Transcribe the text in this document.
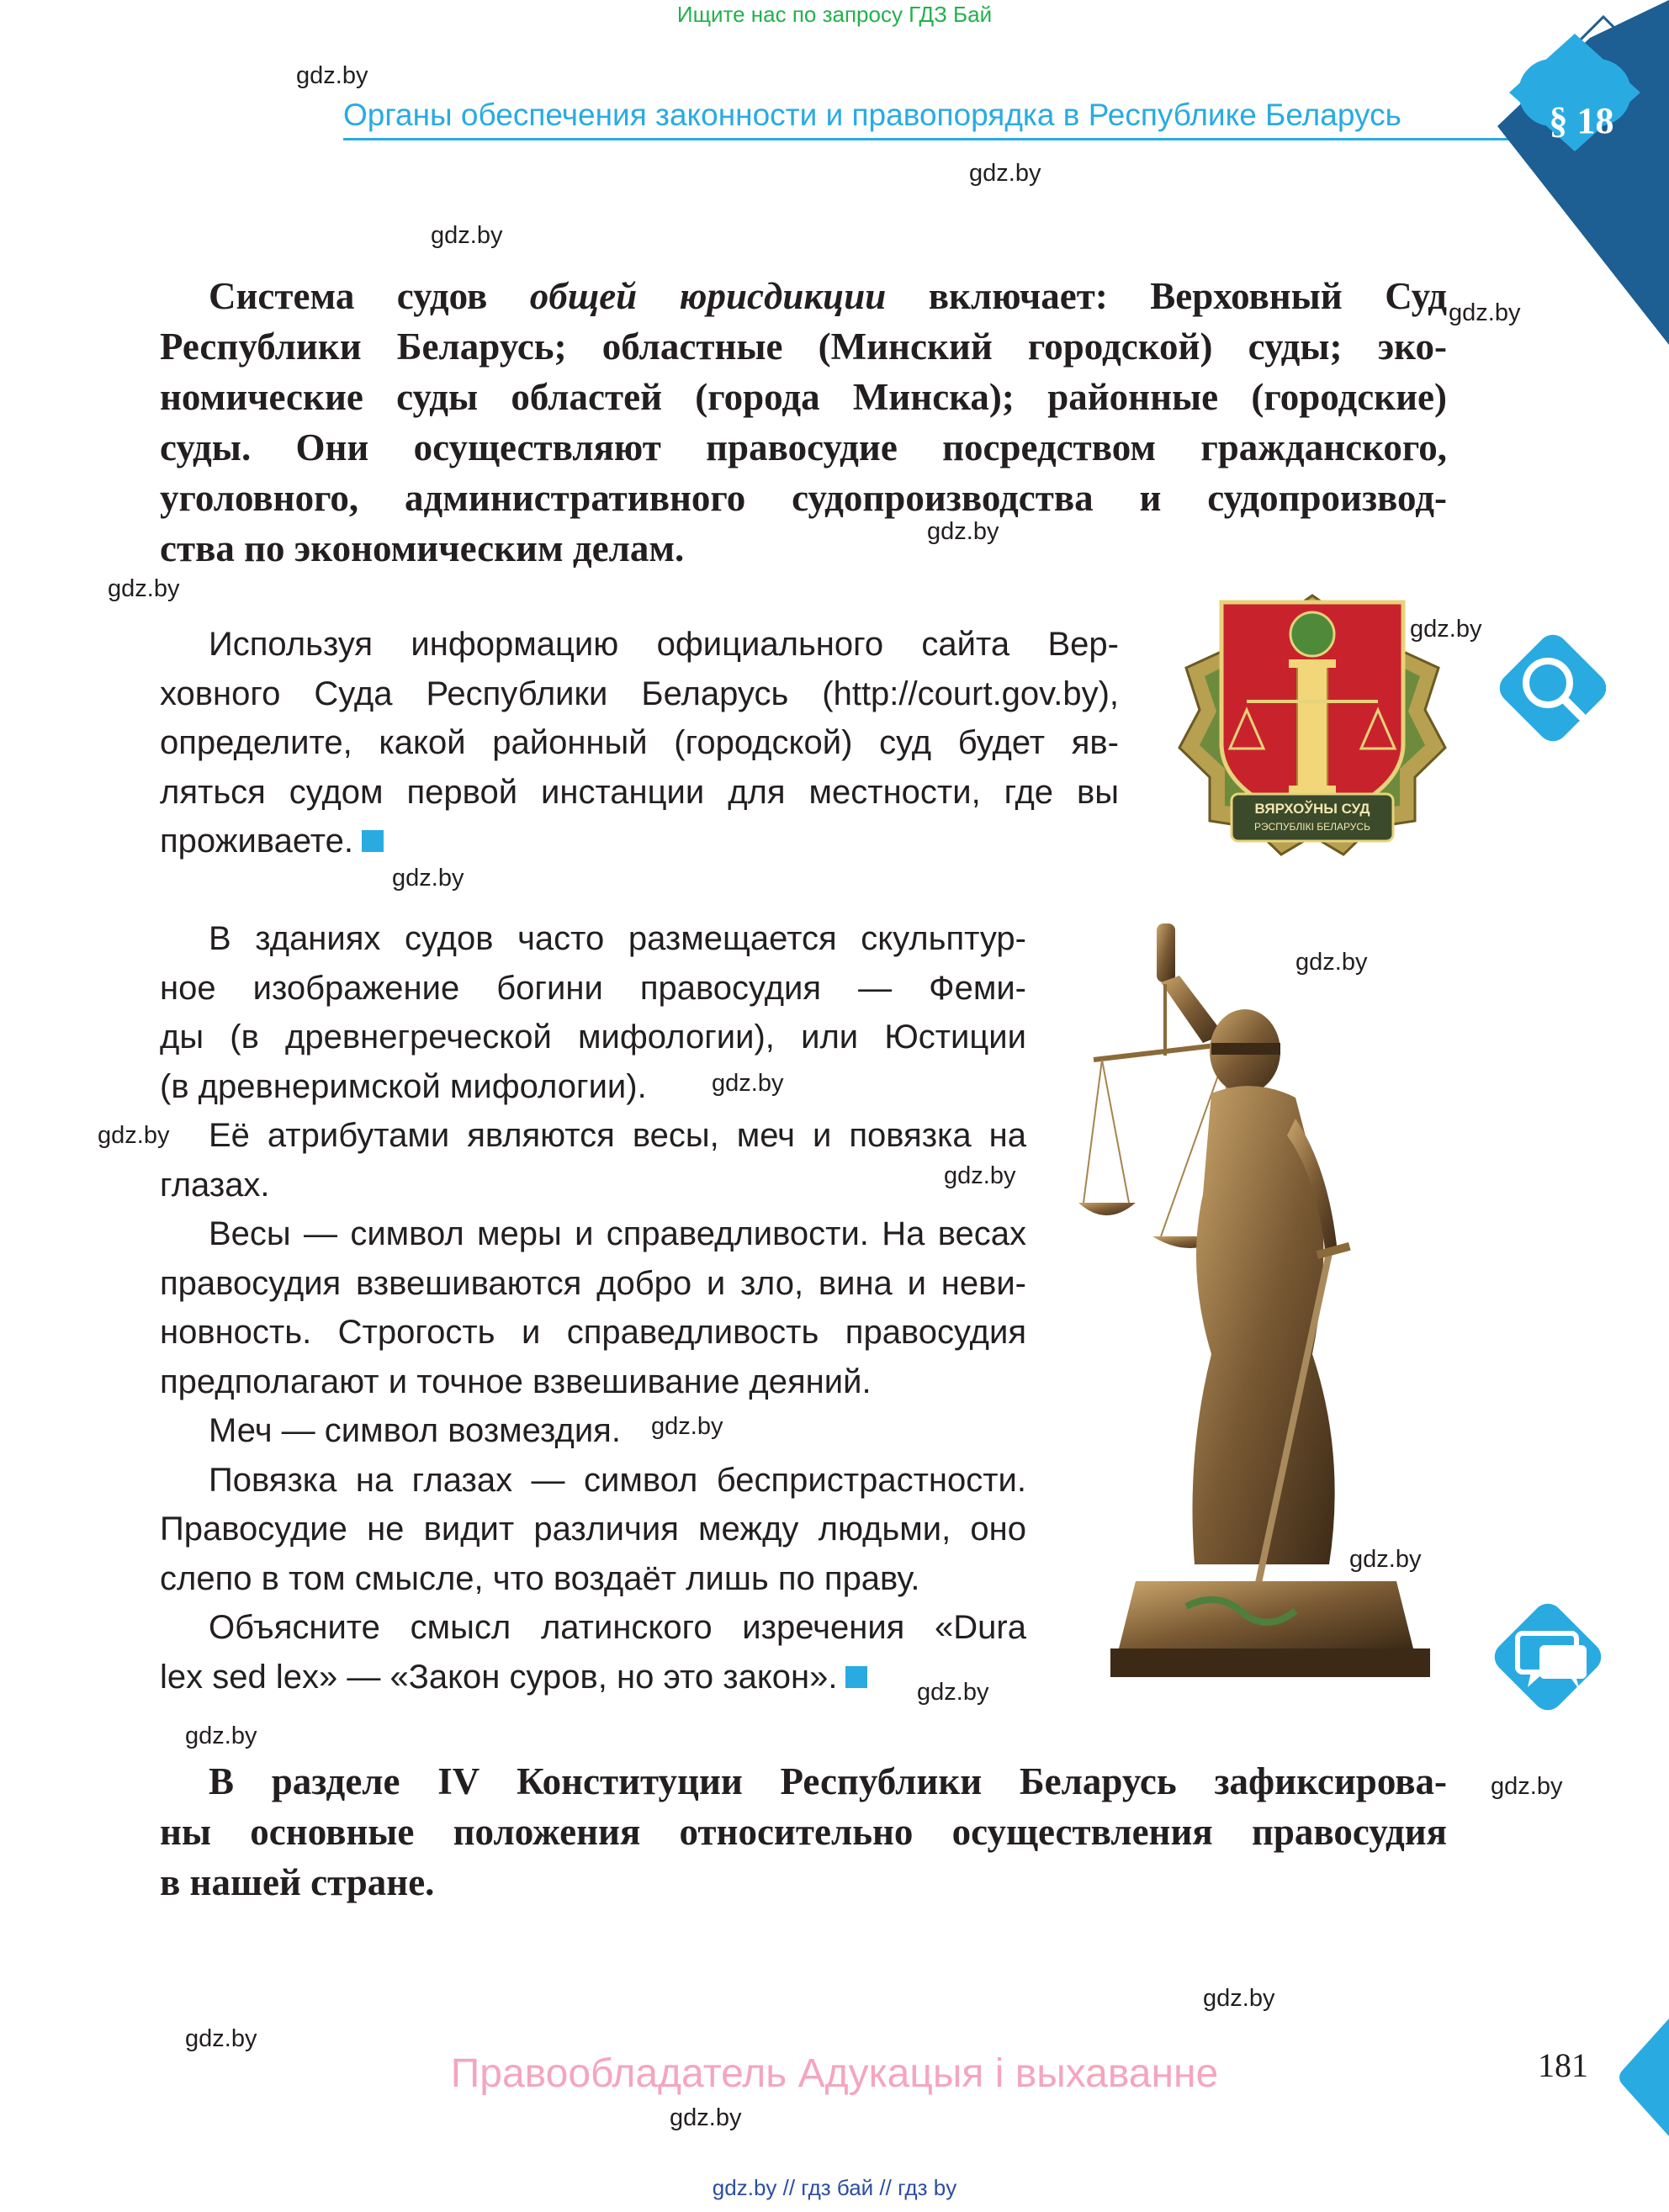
Ищите нас по запросу ГДЗ Бай
Органы обеспечения законности и правопорядка в Республике Беларусь	§ 18
gdz.by
gdz.by
gdz.by
gdz.by
gdz.by
gdz.by
gdz.by
gdz.by
gdz.by
gdz.by
gdz.by
gdz.by
gdz.by
gdz.by
gdz.by
gdz.by
gdz.by
gdz.by
gdz.by
gdz.by
Система судов общей юрисдикции включает: Верховный Суд
Республики Беларусь; областные (Минский городской) суды; эко-
номические суды областей (города Минска); районные (городские)
суды. Они осуществляют правосудие посредством гражданского,
уголовного, административного судопроизводства и судопроизвод-
ства по экономическим делам.
Используя информацию официального сайта Вер-
ховного Суда Республики Беларусь (http://court.gov.by),
определите, какой районный (городской) суд будет яв-
ляться судом первой инстанции для местности, где вы
проживаете.
ВЯРХОЎНЫ СУД
РЭСПУБЛІКІ БЕЛАРУСЬ
В зданиях судов часто размещается скульптур-
ное изображение богини правосудия — Феми-
ды (в древнегреческой мифологии), или Юстиции
(в древнеримской мифологии).
Её атрибутами являются весы, меч и повязка на
глазах.
Весы — символ меры и справедливости. На весах
правосудия взвешиваются добро и зло, вина и неви-
новность. Строгость и справедливость правосудия
предполагают и точное взвешивание деяний.
Меч — символ возмездия.
Повязка на глазах — символ беспристрастности.
Правосудие не видит различия между людьми, оно
слепо в том смысле, что воздаёт лишь по праву.
Объясните смысл латинского изречения «Dura
lex sed lex» — «Закон суров, но это закон».
В разделе IV Конституции Республики Беларусь зафиксирова-
ны основные положения относительно осуществления правосудия
в нашей стране.
Правообладатель Адукацыя і выхаванне	181
gdz.by // гдз бай // гдз by
